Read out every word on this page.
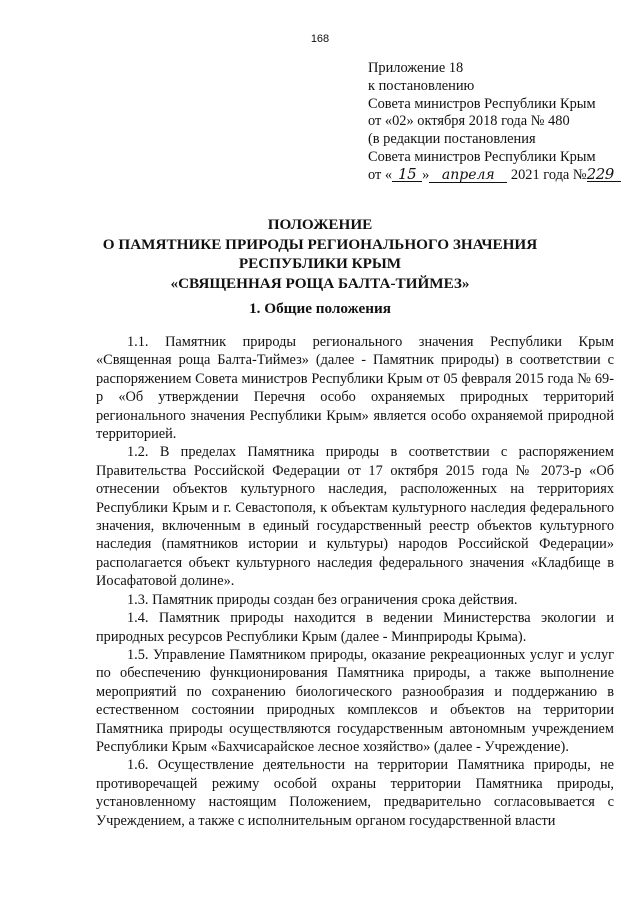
168
Приложение 18
к постановлению
Совета министров Республики Крым
от «02» октября 2018 года № 480
(в редакции постановления
Совета министров Республики Крым
от « 15 » апреля 2021 года №229
ПОЛОЖЕНИЕ
О ПАМЯТНИКЕ ПРИРОДЫ РЕГИОНАЛЬНОГО ЗНАЧЕНИЯ
РЕСПУБЛИКИ КРЫМ
«СВЯЩЕННАЯ РОЩА БАЛТА-ТИЙМЕЗ»
1. Общие положения

1.1. Памятник природы регионального значения Республики Крым «Священная роща Балта-Тиймез» (далее - Памятник природы) в соответствии с распоряжением Совета министров Республики Крым от 05 февраля 2015 года № 69-р «Об утверждении Перечня особо охраняемых природных территорий регионального значения Республики Крым» является особо охраняемой природной территорией.

1.2. В пределах Памятника природы в соответствии с распоряжением Правительства Российской Федерации от 17 октября 2015 года № 2073-р «Об отнесении объектов культурного наследия, расположенных на территориях Республики Крым и г. Севастополя, к объектам культурного наследия федерального значения, включенным в единый государственный реестр объектов культурного наследия (памятников истории и культуры) народов Российской Федерации» располагается объект культурного наследия федерального значения «Кладбище в Иосафатовой долине».

1.3. Памятник природы создан без ограничения срока действия.

1.4. Памятник природы находится в ведении Министерства экологии и природных ресурсов Республики Крым (далее - Минприроды Крыма).

1.5. Управление Памятником природы, оказание рекреационных услуг и услуг по обеспечению функционирования Памятника природы, а также выполнение мероприятий по сохранению биологического разнообразия и поддержанию в естественном состоянии природных комплексов и объектов на территории Памятника природы осуществляются государственным автономным учреждением Республики Крым «Бахчисарайское лесное хозяйство» (далее - Учреждение).

1.6. Осуществление деятельности на территории Памятника природы, не противоречащей режиму особой охраны территории Памятника природы, установленному настоящим Положением, предварительно согласовывается с Учреждением, а также с исполнительным органом государственной власти
